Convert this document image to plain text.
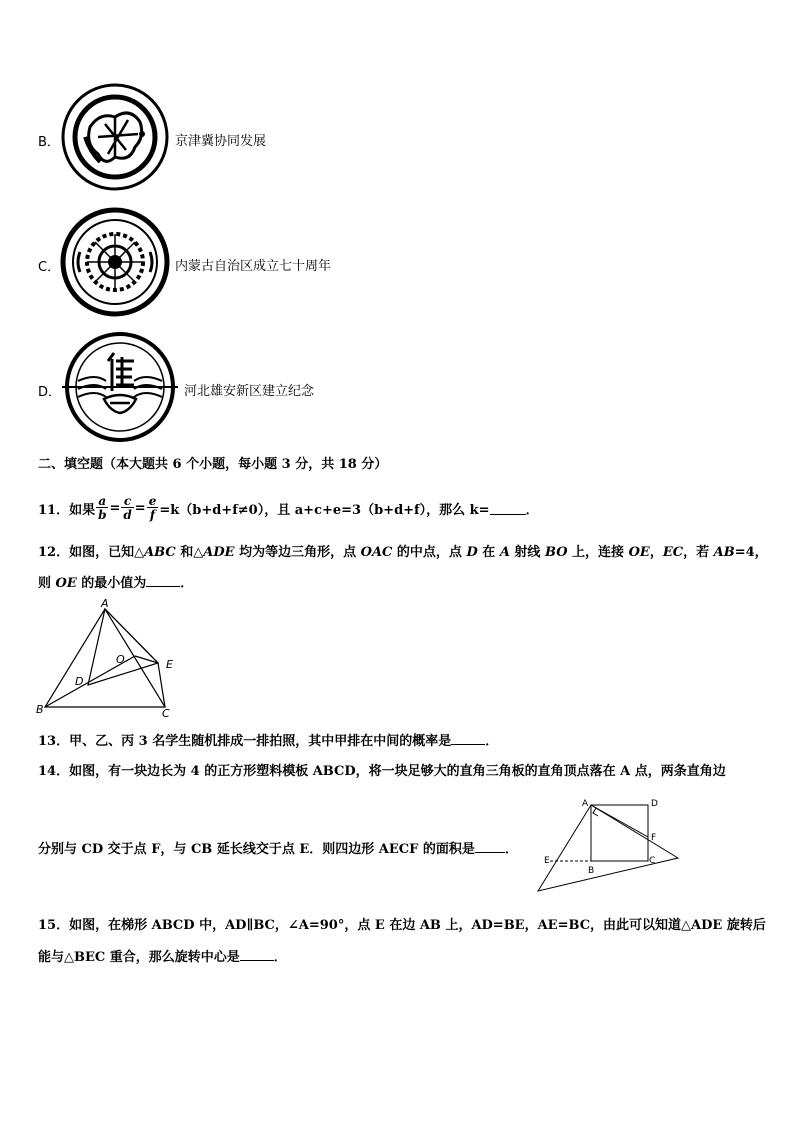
B．	京津冀协同发展
C．	内蒙古自治区成立七十周年
D．	河北雄安新区建立纪念
二、填空题（本大题共 6 个小题，每小题 3 分，共 18 分）
11．如果 $\frac{a}{b} = \frac{c}{d} = \frac{e}{f} =k(b+d+f\ne 0)$，且 a+c+e=3（b+d+f），那么 k=	．
12．如图，已知△ABC 和△ADE 均为等边三角形，点 OAC 的中点，点 D 在 A 射线 BO 上，连接 OE，EC，若 AB=4，
则 OE 的最小值为	．
A
B	C
D
E
O
13．甲、乙、丙 3 名学生随机排成一排拍照，其中甲排在中间的概率是	．
14．如图，有一块边长为 4 的正方形塑料模板 ABCD，将一块足够大的直角三角板的直角顶点落在 A 点，两条直角边
分别与 CD 交于点 F，与 CB 延长线交于点 E．则四边形 AECF 的面积是 ．
A	D
F
C
B
E
15．如图，在梯形 ABCD 中，AD∥BC，∠A=90°，点 E 在边 AB 上，AD=BE，AE=BC，由此可以知道△ADE 旋转后
能与△BEC 重合，那么旋转中心是	．
